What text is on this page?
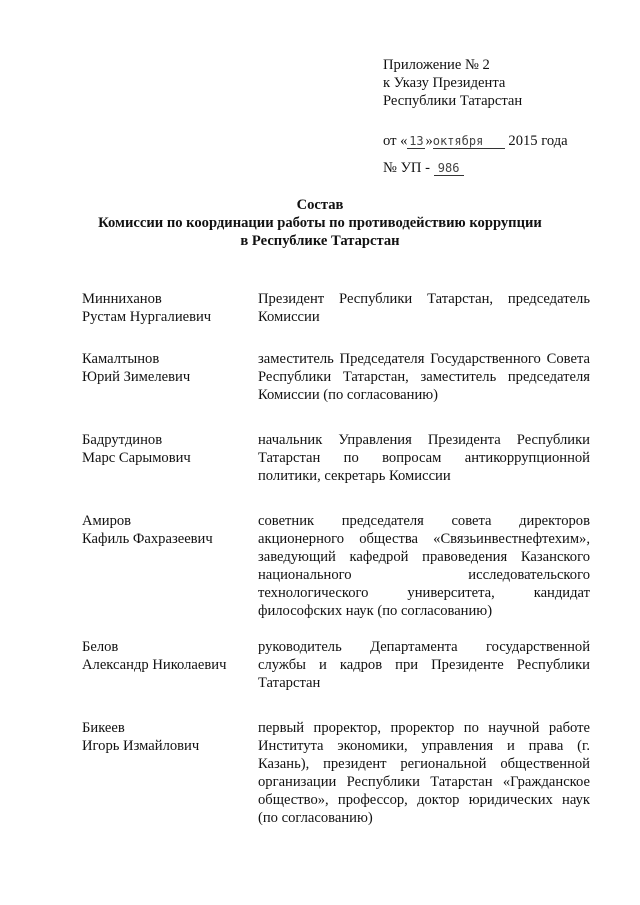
Приложение № 2
к Указу Президента
Республики Татарстан
от « 13 »октября 2015 года
№ УП - 986
Состав
Комиссии по координации работы по противодействию коррупции
в Республике Татарстан
Минниханов
Рустам Нургалиевич
Президент Республики Татарстан, председатель Комиссии
Камалтынов
Юрий Зимелевич
заместитель Председателя Государственного Совета Республики Татарстан, заместитель председателя Комиссии (по согласованию)
Бадрутдинов
Марс Сарымович
начальник Управления Президента Республики Татарстан по вопросам антикоррупционной политики, секретарь Комиссии
Амиров
Кафиль Фахразеевич
советник председателя совета директоров акционерного общества «Связьинвестнефтехим», заведующий кафедрой правоведения Казанского национального исследовательского технологического университета, кандидат философских наук (по согласованию)
Белов
Александр Николаевич
руководитель Департамента государственной службы и кадров при Президенте Республики Татарстан
Бикеев
Игорь Измайлович
первый проректор, проректор по научной работе Института экономики, управления и права (г. Казань), президент региональной общественной организации Республики Татарстан «Гражданское общество», профессор, доктор юридических наук (по согласованию)
